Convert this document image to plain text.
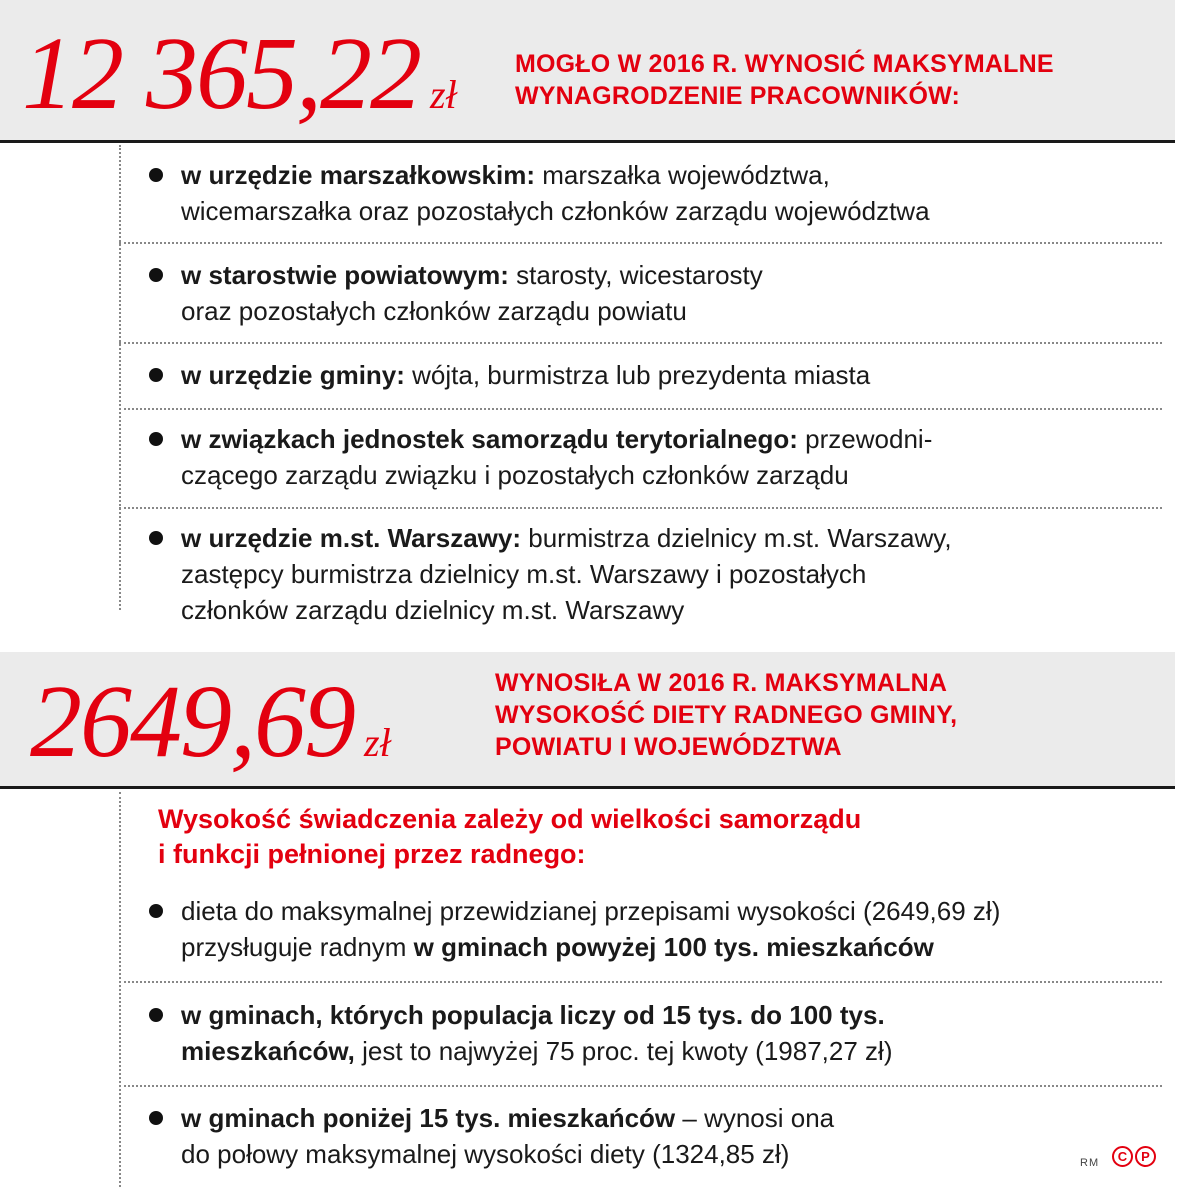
12 365,22 zł
MOGŁO W 2016 R. WYNOSIĆ MAKSYMALNE
WYNAGRODZENIE PRACOWNIKÓW:
w urzędzie marszałkowskim: marszałka województwa,
wicemarszałka oraz pozostałych członków zarządu województwa
w starostwie powiatowym: starosty, wicestarosty
oraz pozostałych członków zarządu powiatu
w urzędzie gminy: wójta, burmistrza lub prezydenta miasta
w związkach jednostek samorządu terytorialnego: przewodni-
czącego zarządu związku i pozostałych członków zarządu
w urzędzie m.st. Warszawy: burmistrza dzielnicy m.st. Warszawy,
zastępcy burmistrza dzielnicy m.st. Warszawy i pozostałych
członków zarządu dzielnicy m.st. Warszawy
2649,69 zł
WYNOSIŁA W 2016 R. MAKSYMALNA
WYSOKOŚĆ DIETY RADNEGO GMINY,
POWIATU I WOJEWÓDZTWA
Wysokość świadczenia zależy od wielkości samorządu
i funkcji pełnionej przez radnego:
dieta do maksymalnej przewidzianej przepisami wysokości (2649,69 zł)
przysługuje radnym w gminach powyżej 100 tys. mieszkańców
w gminach, których populacja liczy od 15 tys. do 100 tys.
mieszkańców, jest to najwyżej 75 proc. tej kwoty (1987,27 zł)
w gminach poniżej 15 tys. mieszkańców – wynosi ona
do połowy maksymalnej wysokości diety (1324,85 zł)	RM	C	P
